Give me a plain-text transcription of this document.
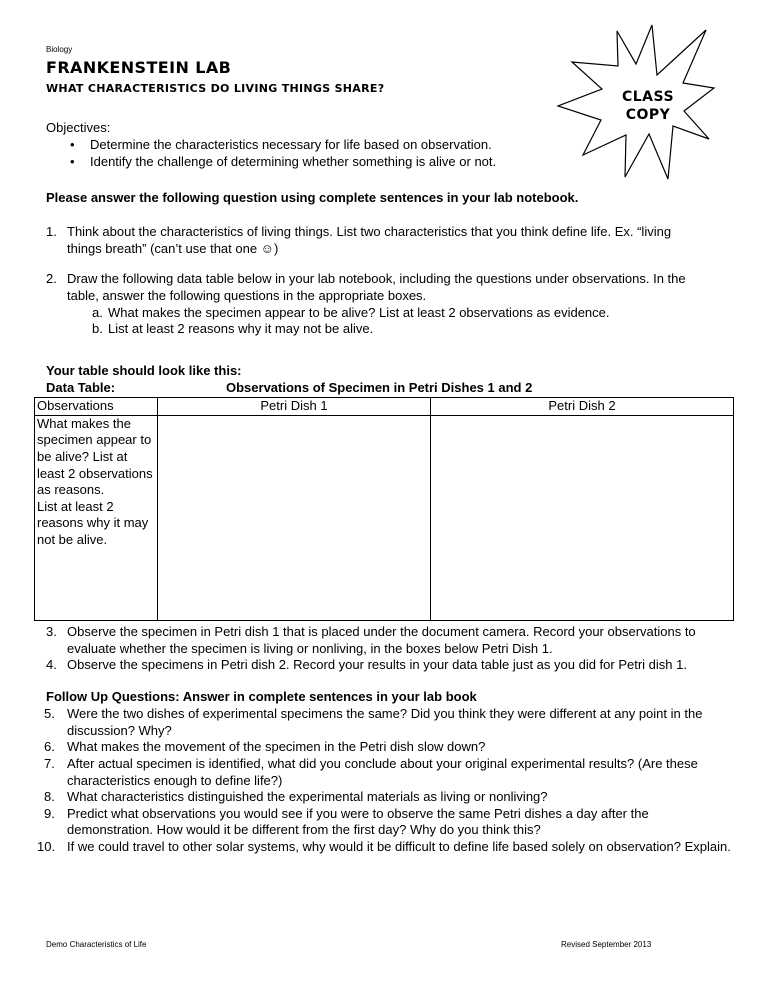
Biology
FRANKENSTEIN LAB
WHAT CHARACTERISTICS DO LIVING THINGS SHARE?
CLASS
COPY
Objectives:
• Determine the characteristics necessary for life based on observation.
• Identify the challenge of determining whether something is alive or not.
Please answer the following question using complete sentences in your lab notebook.
1. Think about the characteristics of living things. List two characteristics that you think define life. Ex. “living things breath” (can’t use that one ☺)
2. Draw the following data table below in your lab notebook, including the questions under observations. In the table, answer the following questions in the appropriate boxes.
a. What makes the specimen appear to be alive? List at least 2 observations as evidence.
b. List at least 2 reasons why it may not be alive.
Your table should look like this:
Data Table:	Observations of Specimen in Petri Dishes 1 and 2
Observations	Petri Dish 1	Petri Dish 2

What makes the specimen appear to be alive? List at least 2 observations as reasons.
List at least 2 reasons why it may not be alive.		

3. Observe the specimen in Petri dish 1 that is placed under the document camera. Record your observations to evaluate whether the specimen is living or nonliving, in the boxes below Petri Dish 1.
4. Observe the specimens in Petri dish 2. Record your results in your data table just as you did for Petri dish 1.
Follow Up Questions: Answer in complete sentences in your lab book
5. Were the two dishes of experimental specimens the same? Did you think they were different at any point in the discussion? Why?
6. What makes the movement of the specimen in the Petri dish slow down?
7. After actual specimen is identified, what did you conclude about your original experimental results? (Are these characteristics enough to define life?)
8. What characteristics distinguished the experimental materials as living or nonliving?
9. Predict what observations you would see if you were to observe the same Petri dishes a day after the demonstration. How would it be different from the first day? Why do you think this?
10. If we could travel to other solar systems, why would it be difficult to define life based solely on observation? Explain.
Demo Characteristics of Life	Revised September 2013
